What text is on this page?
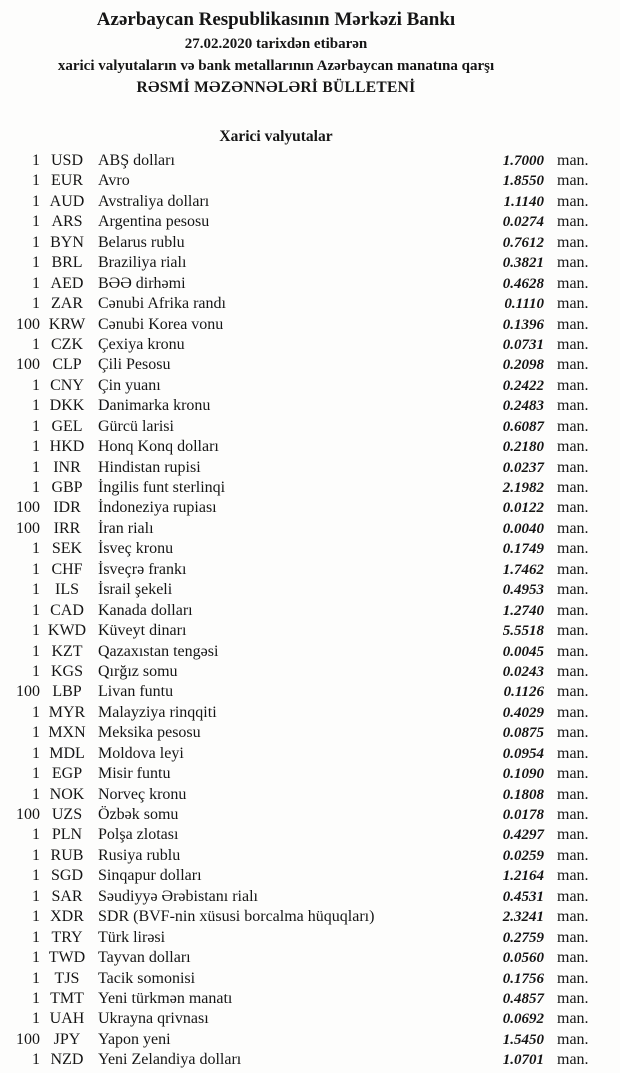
Azərbaycan Respublikasının Mərkəzi Bankı
27.02.2020 tarixdən etibarən
xarici valyutaların və bank metallarının Azərbaycan manatına qarşı
RƏSMİ MƏZƏNNƏLƏRİ BÜLLETENİ
Xarici valyutalar
1 USD ABŞ dolları	1.7000 man.
1 EUR Avro	1.8550 man.
1 AUD Avstraliya dolları	1.1140 man.
1 ARS Argentina pesosu	0.0274 man.
1 BYN Belarus rublu	0.7612 man.
1 BRL Braziliya rialı	0.3821 man.
1 AED BƏƏ dirhəmi	0.4628 man.
1 ZAR Cənubi Afrika randı	0.1110 man.
100 KRW Cənubi Korea vonu	0.1396 man.
1 CZK Çexiya kronu	0.0731 man.
100 CLP	Çili Pesosu	0.2098 man.
1 CNY Çin yuanı	0.2422 man.
1 DKK Danimarka kronu	0.2483 man.
1 GEL Gürcü larisi	0.6087 man.
1 HKD Honq Konq dolları	0.2180 man.
1 INR	Hindistan rupisi	0.0237 man.
1 GBP İngilis funt sterlinqi	2.1982 man.
100 IDR	İndoneziya rupiası	0.0122 man.
100 IRR	İran rialı	0.0040 man.
1 SEK İsveç kronu	0.1749 man.
1 CHF İsveçrə frankı	1.7462 man.
1 ILS	İsrail şekeli	0.4953 man.
1 CAD Kanada dolları	1.2740 man.
1 KWD Küveyt dinarı	5.5518 man.
1 KZT Qazaxıstan tengəsi	0.0045 man.
1 KGS Qırğız somu	0.0243 man.
100 LBP	Livan funtu	0.1126 man.
1 MYR Malayziya rinqqiti	0.4029 man.
1 MXN Meksika pesosu	0.0875 man.
1 MDL Moldova leyi	0.0954 man.
1 EGP Misir funtu	0.1090 man.
1 NOK Norveç kronu	0.1808 man.
100 UZS Özbək somu	0.0178 man.
1 PLN Polşa zlotası	0.4297 man.
1 RUB Rusiya rublu	0.0259 man.
1 SGD Sinqapur dolları	1.2164 man.
1 SAR Səudiyyə Ərəbistanı rialı	0.4531 man.
1 XDR SDR (BVF-nin xüsusi borcalma hüquqları)	2.3241 man.
1 TRY Türk lirəsi	0.2759 man.
1 TWD Tayvan dolları	0.0560 man.
1 TJS	Tacik somonisi	0.1756 man.
1 TMT Yeni türkmən manatı	0.4857 man.
1 UAH Ukrayna qrivnası	0.0692 man.
100 JPY	Yapon yeni	1.5450 man.
1 NZD Yeni Zelandiya dolları	1.0701 man.
